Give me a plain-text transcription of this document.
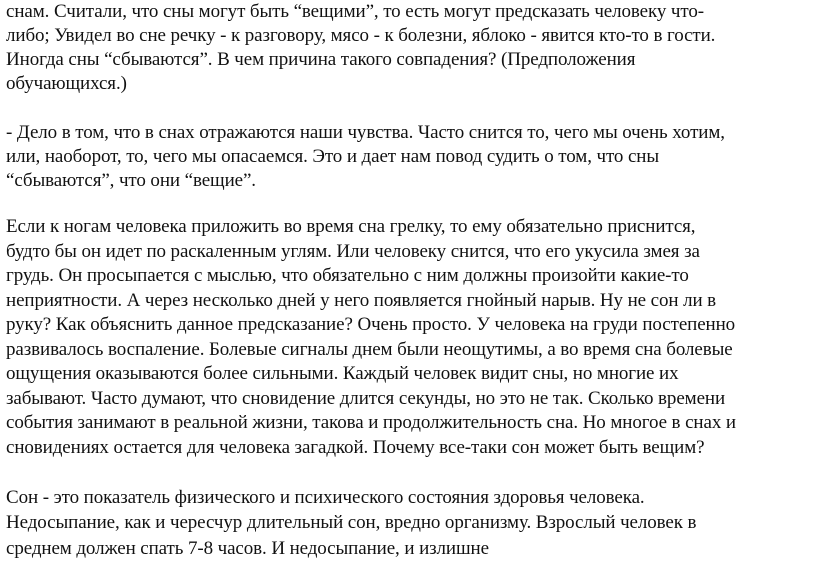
снам. Считали, что сны могут быть “вещими”, то есть могут предсказать человеку что-
либо; Увидел во сне речку - к разговору, мясо - к болезни, яблоко - явится кто-то в гости.
Иногда сны “сбываются”. В чем причина такого совпадения? (Предположения
обучающихся.)
- Дело в том, что в снах отражаются наши чувства. Часто снится то, чего мы очень хотим,
или, наоборот, то, чего мы опасаемся. Это и дает нам повод судить о том, что сны
“сбываются”, что они “вещие”.
Если к ногам человека приложить во время сна грелку, то ему обязательно приснится,
будто бы он идет по раскаленным углям. Или человеку снится, что его укусила змея за
грудь. Он просыпается с мыслью, что обязательно с ним должны произойти какие-то
неприятности. А через несколько дней у него появляется гнойный нарыв. Ну не сон ли в
руку? Как объяснить данное предсказание? Очень просто. У человека на груди постепенно
развивалось воспаление. Болевые сигналы днем были неощутимы, а во время сна болевые
ощущения оказываются более сильными. Каждый человек видит сны, но многие их
забывают. Часто думают, что сновидение длится секунды, но это не так. Сколько времени
события занимают в реальной жизни, такова и продолжительность сна. Но многое в снах и
сновидениях остается для человека загадкой. Почему все-таки сон может быть вещим?
Сон - это показатель физического и психического состояния здоровья человека.
Недосыпание, как и чересчур длительный сон, вредно организму. Взрослый человек в
среднем должен спать 7-8 часов. И недосыпание, и излишне
